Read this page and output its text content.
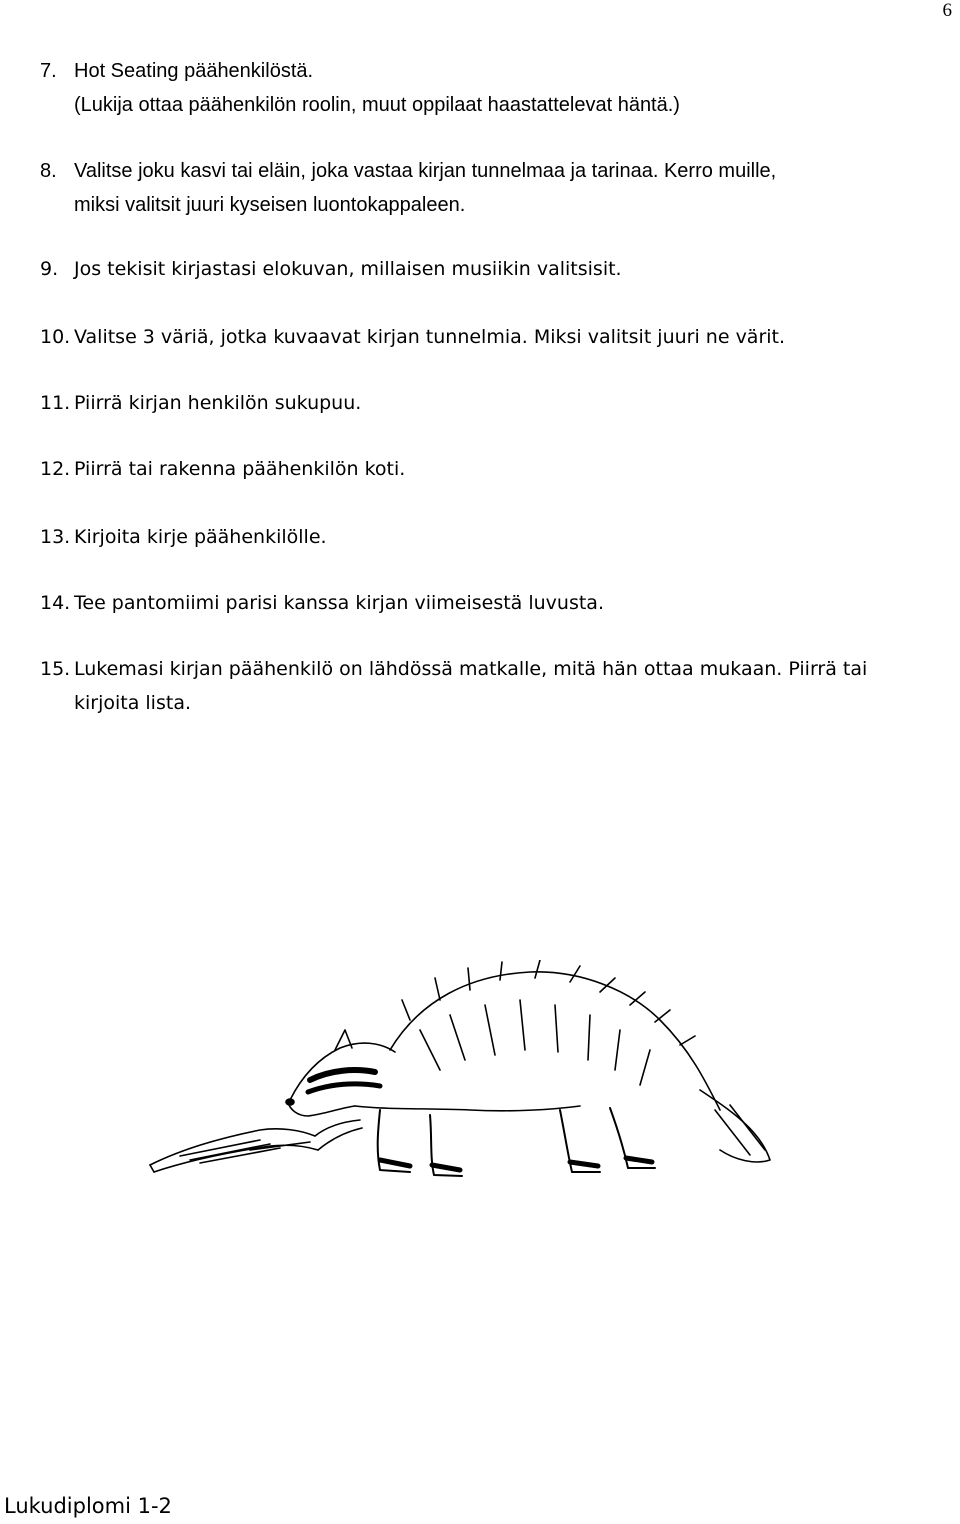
6
7. Hot Seating päähenkilöstä.
(Lukija ottaa päähenkilön roolin, muut oppilaat haastattelevat häntä.)
8. Valitse joku kasvi tai eläin, joka vastaa kirjan tunnelmaa ja tarinaa. Kerro muille,
miksi valitsit juuri kyseisen luontokappaleen.
9. Jos tekisit kirjastasi elokuvan, millaisen musiikin valitsisit.
10. Valitse 3 väriä, jotka kuvaavat kirjan tunnelmia. Miksi valitsit juuri ne värit.
11. Piirrä kirjan henkilön sukupuu.
12. Piirrä tai rakenna päähenkilön koti.
13. Kirjoita kirje päähenkilölle.
14. Tee pantomiimi parisi kanssa kirjan viimeisestä luvusta.
15. Lukemasi kirjan päähenkilö on lähdössä matkalle, mitä hän ottaa mukaan. Piirrä tai
kirjoita lista.
Lukudiplomi 1-2
